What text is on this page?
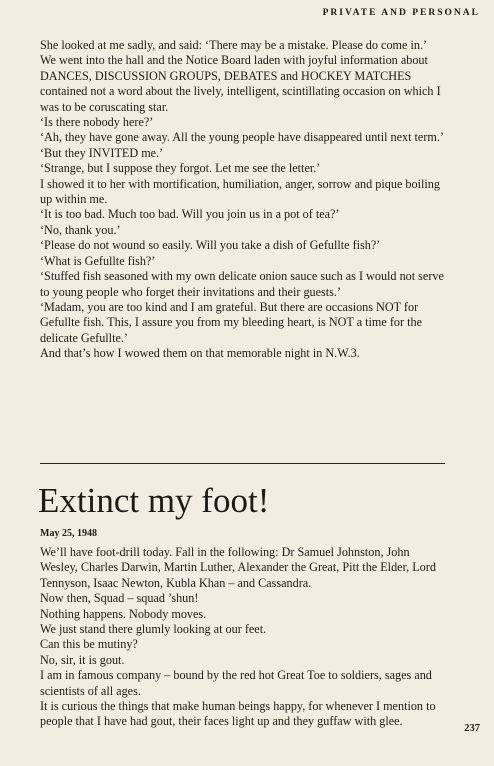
PRIVATE AND PERSONAL

She looked at me sadly, and said: ‘There may be a mistake. Please do come in.’

We went into the hall and the Notice Board laden with joyful information about DANCES, DISCUSSION GROUPS, DEBATES and HOCKEY MATCHES contained not a word about the lively, intelligent, scintillating occasion on which I was to be coruscating star.

‘Is there nobody here?’

‘Ah, they have gone away. All the young people have disappeared until next term.’

‘But they INVITED me.’

‘Strange, but I suppose they forgot. Let me see the letter.’

I showed it to her with mortification, humiliation, anger, sorrow and pique boiling up within me.

‘It is too bad. Much too bad. Will you join us in a pot of tea?’

‘No, thank you.’

‘Please do not wound so easily. Will you take a dish of Gefullte fish?’

‘What is Gefullte fish?’

‘Stuffed fish seasoned with my own delicate onion sauce such as I would not serve to young people who forget their invitations and their guests.’

‘Madam, you are too kind and I am grateful. But there are occasions NOT for Gefullte fish. This, I assure you from my bleeding heart, is NOT a time for the delicate Gefullte.’

And that’s how I wowed them on that memorable night in N.W.3.

Extinct my foot!
May 25, 1948

We’ll have foot-drill today. Fall in the following: Dr Samuel Johnston, John Wesley, Charles Darwin, Martin Luther, Alexander the Great, Pitt the Elder, Lord Tennyson, Isaac Newton, Kubla Khan – and Cassandra.

Now then, Squad – squad ’shun!

Nothing happens. Nobody moves.

We just stand there glumly looking at our feet.

Can this be mutiny?

No, sir, it is gout.

I am in famous company – bound by the red hot Great Toe to soldiers, sages and scientists of all ages.

It is curious the things that make human beings happy, for whenever I mention to people that I have had gout, their faces light up and they guffaw with glee.

237
